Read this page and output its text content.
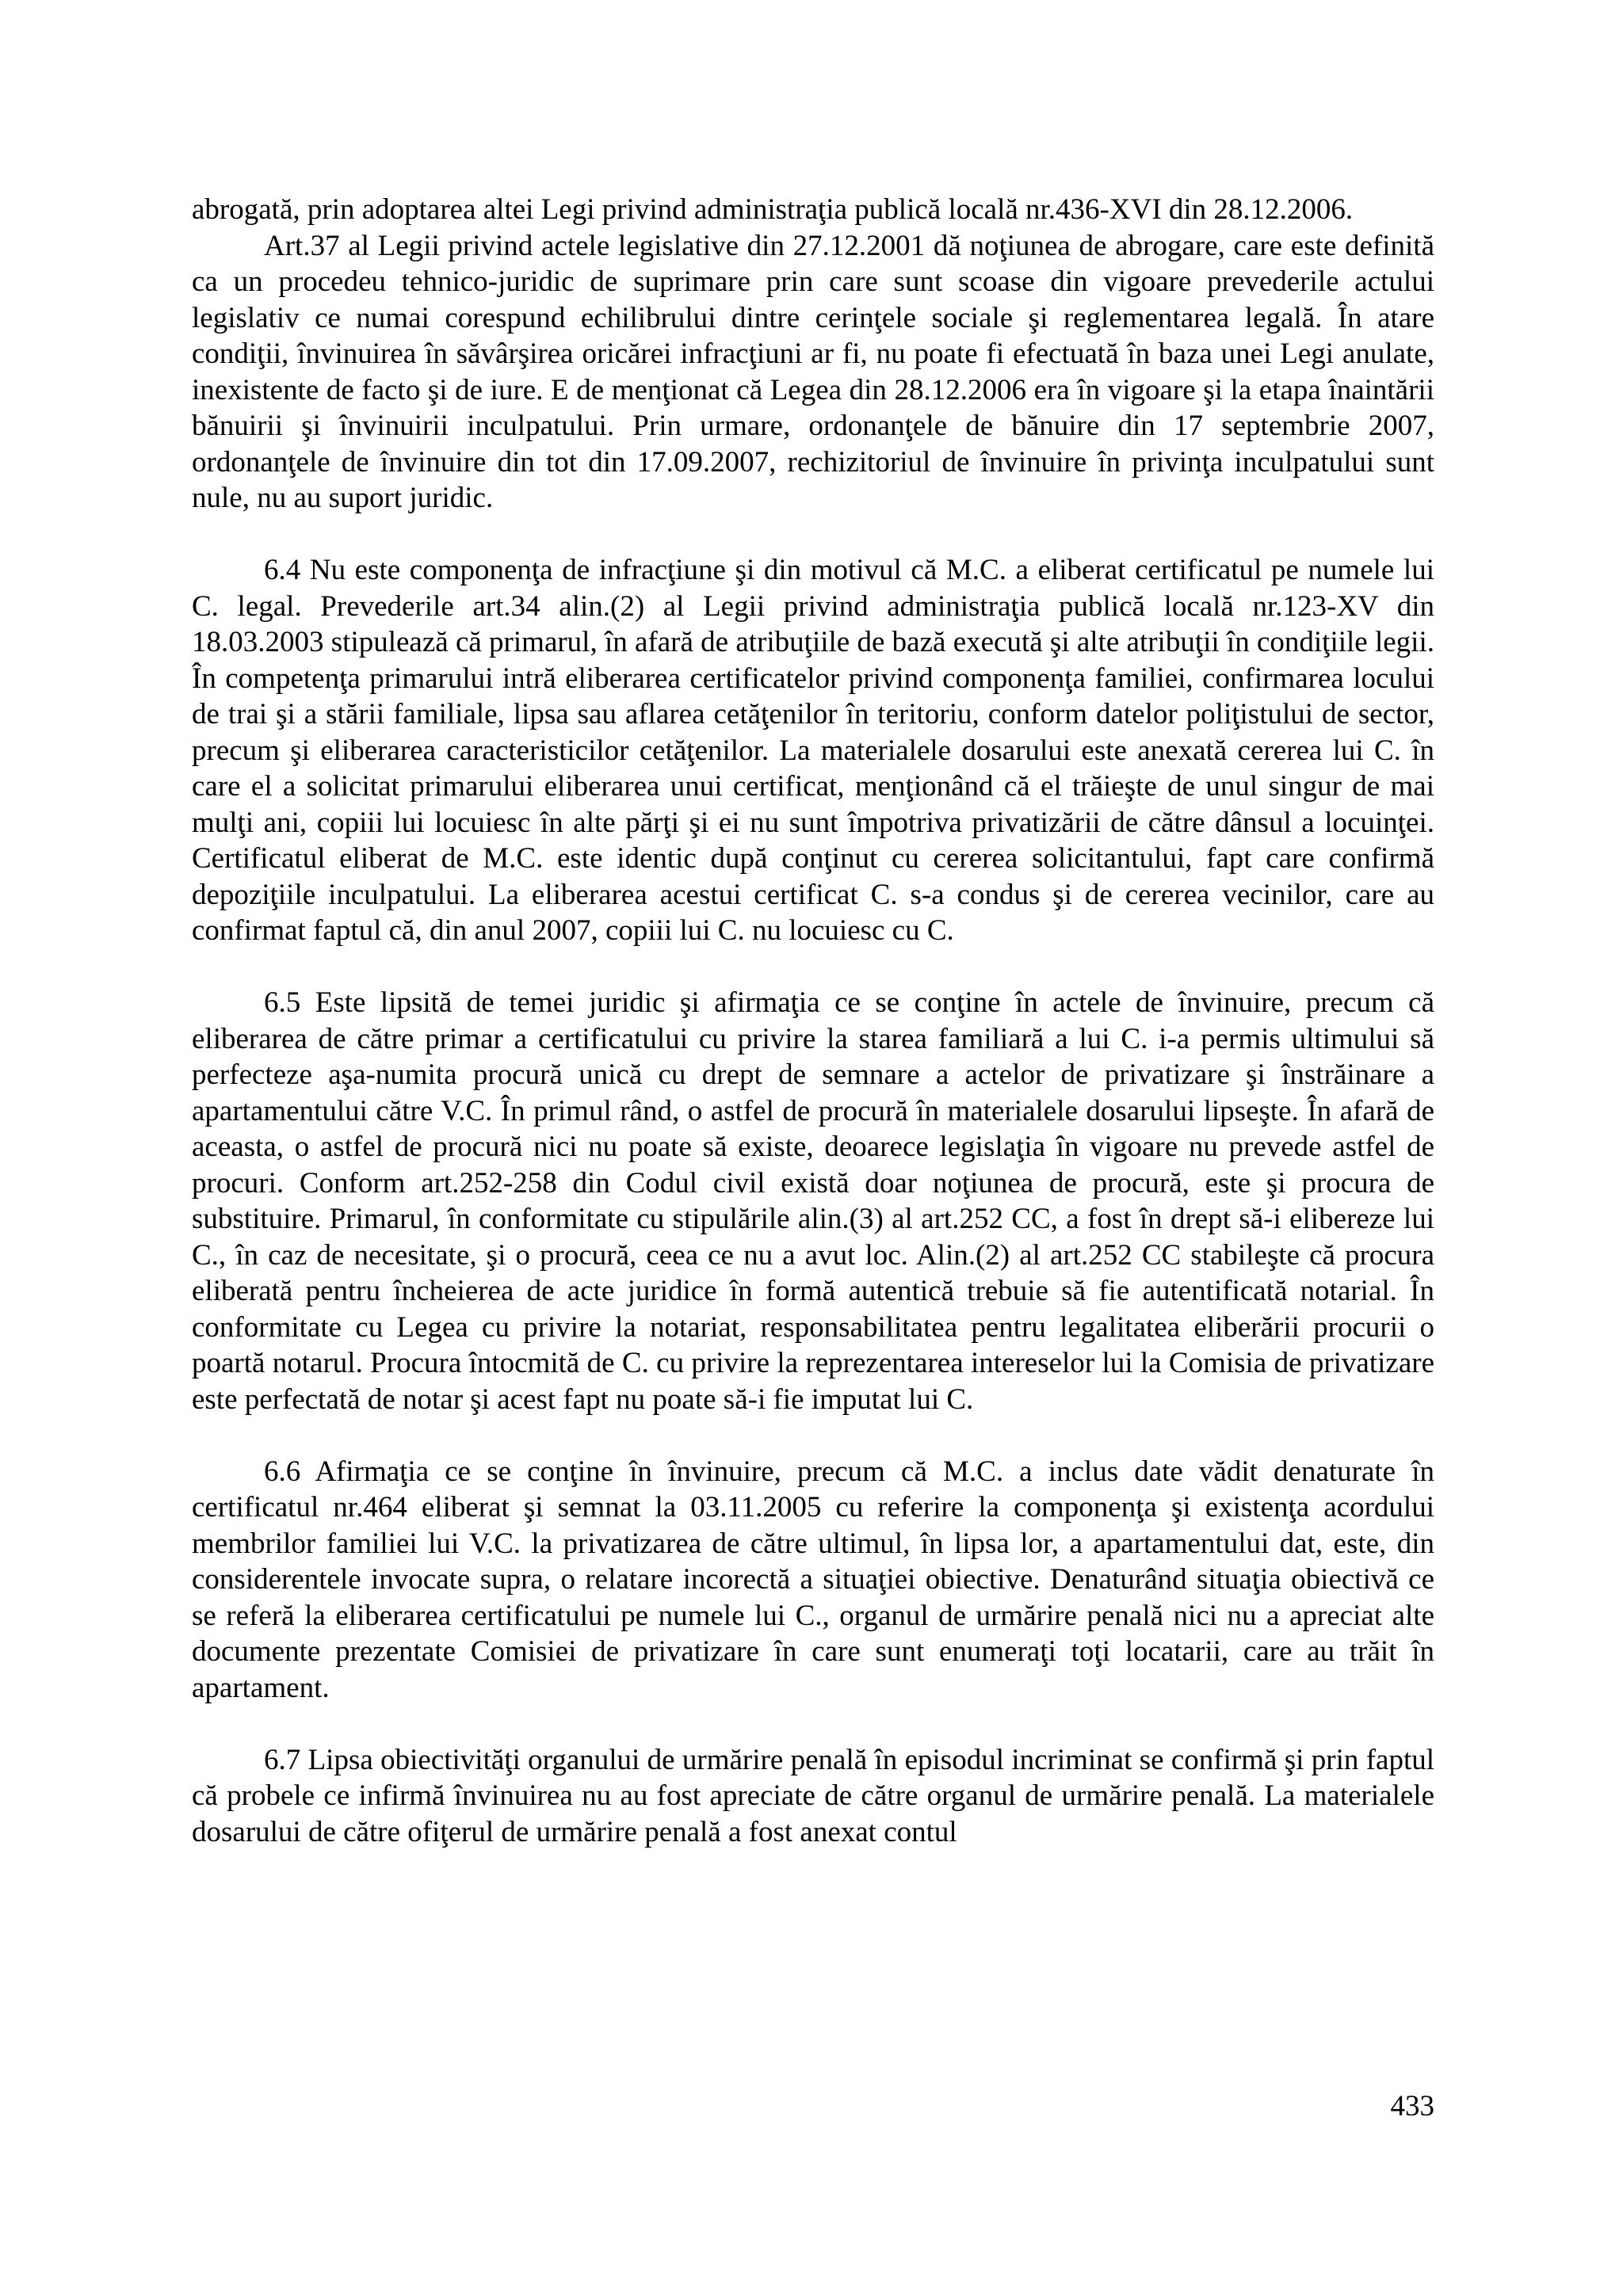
abrogată, prin adoptarea altei Legi privind administraţia publică locală nr.436-XVI din 28.12.2006.

Art.37 al Legii privind actele legislative din 27.12.2001 dă noţiunea de abrogare, care este definită ca un procedeu tehnico-juridic de suprimare prin care sunt scoase din vigoare prevederile actului legislativ ce numai corespund echilibrului dintre cerinţele sociale şi reglementarea legală. În atare condiţii, învinuirea în săvârşirea oricărei infracţiuni ar fi, nu poate fi efectuată în baza unei Legi anulate, inexistente de facto şi de iure. E de menţionat că Legea din 28.12.2006 era în vigoare şi la etapa înaintării bănuirii şi învinuirii inculpatului. Prin urmare, ordonanţele de bănuire din 17 septembrie 2007, ordonanţele de învinuire din tot din 17.09.2007, rechizitoriul de învinuire în privinţa inculpatului sunt nule, nu au suport juridic.

6.4 Nu este componenţa de infracţiune şi din motivul că M.C. a eliberat certificatul pe numele lui C. legal. Prevederile art.34 alin.(2) al Legii privind administraţia publică locală nr.123-XV din 18.03.2003 stipulează că primarul, în afară de atribuţiile de bază execută şi alte atribuţii în condiţiile legii. În competenţa primarului intră eliberarea certificatelor privind componenţa familiei, confirmarea locului de trai şi a stării familiale, lipsa sau aflarea cetăţenilor în teritoriu, conform datelor poliţistului de sector, precum şi eliberarea caracteristicilor cetăţenilor. La materialele dosarului este anexată cererea lui C. în care el a solicitat primarului eliberarea unui certificat, menţionând că el trăieşte de unul singur de mai mulţi ani, copiii lui locuiesc în alte părţi şi ei nu sunt împotriva privatizării de către dânsul a locuinţei. Certificatul eliberat de M.C. este identic după conţinut cu cererea solicitantului, fapt care confirmă depoziţiile inculpatului. La eliberarea acestui certificat C. s-a condus şi de cererea vecinilor, care au confirmat faptul că, din anul 2007, copiii lui C. nu locuiesc cu C.

6.5 Este lipsită de temei juridic şi afirmaţia ce se conţine în actele de învinuire, precum că eliberarea de către primar a certificatului cu privire la starea familiară a lui C. i-a permis ultimului să perfecteze aşa-numita procură unică cu drept de semnare a actelor de privatizare şi înstrăinare a apartamentului către V.C. În primul rând, o astfel de procură în materialele dosarului lipseşte. În afară de aceasta, o astfel de procură nici nu poate să existe, deoarece legislaţia în vigoare nu prevede astfel de procuri. Conform art.252-258 din Codul civil există doar noţiunea de procură, este şi procura de substituire. Primarul, în conformitate cu stipulările alin.(3) al art.252 CC, a fost în drept să-i elibereze lui C., în caz de necesitate, şi o procură, ceea ce nu a avut loc. Alin.(2) al art.252 CC stabileşte că procura eliberată pentru încheierea de acte juridice în formă autentică trebuie să fie autentificată notarial. În conformitate cu Legea cu privire la notariat, responsabilitatea pentru legalitatea eliberării procurii o poartă notarul. Procura întocmită de C. cu privire la reprezentarea intereselor lui la Comisia de privatizare este perfectată de notar şi acest fapt nu poate să-i fie imputat lui C.

6.6 Afirmaţia ce se conţine în învinuire, precum că M.C. a inclus date vădit denaturate în certificatul nr.464 eliberat şi semnat la 03.11.2005 cu referire la componenţa şi existenţa acordului membrilor familiei lui V.C. la privatizarea de către ultimul, în lipsa lor, a apartamentului dat, este, din considerentele invocate supra, o relatare incorectă a situaţiei obiective. Denaturând situaţia obiectivă ce se referă la eliberarea certificatului pe numele lui C., organul de urmărire penală nici nu a apreciat alte documente prezentate Comisiei de privatizare în care sunt enumeraţi toţi locatarii, care au trăit în apartament.

6.7 Lipsa obiectivităţi organului de urmărire penală în episodul incriminat se confirmă şi prin faptul că probele ce infirmă învinuirea nu au fost apreciate de către organul de urmărire penală. La materialele dosarului de către ofiţerul de urmărire penală a fost anexat contul

433
